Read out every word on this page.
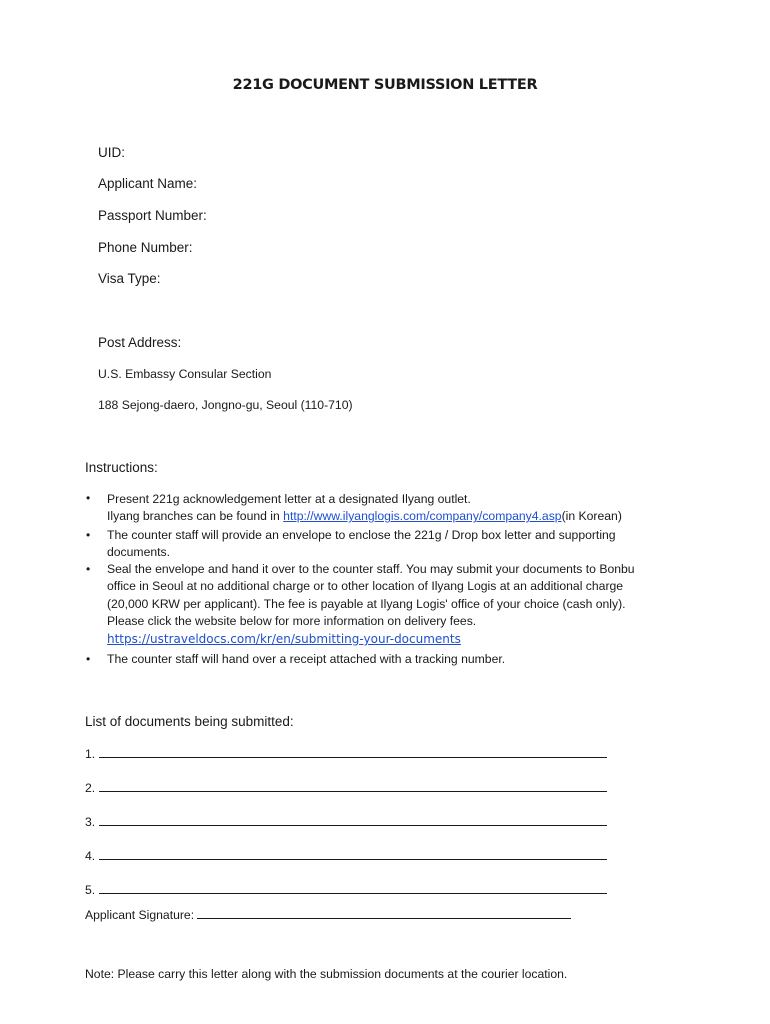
221G DOCUMENT SUBMISSION LETTER
UID:
Applicant Name:
Passport Number:
Phone Number:
Visa Type:
Post Address:
U.S. Embassy Consular Section
188 Sejong-daero, Jongno-gu, Seoul (110-710)
Instructions:
• Present 221g acknowledgement letter at a designated Ilyang outlet.
Ilyang branches can be found in http://www.ilyanglogis.com/company/company4.asp(in Korean)
• The counter staff will provide an envelope to enclose the 221g / Drop box letter and supporting
documents.
• Seal the envelope and hand it over to the counter staff. You may submit your documents to Bonbu
office in Seoul at no additional charge or to other location of Ilyang Logis at an additional charge
(20,000 KRW per applicant). The fee is payable at Ilyang Logis' office of your choice (cash only).
Please click the website below for more information on delivery fees.
https://ustraveldocs.com/kr/en/submitting-your-documents
• The counter staff will hand over a receipt attached with a tracking number.
List of documents being submitted:
1.
2.
3.
4.
5.
Applicant Signature:
Note: Please carry this letter along with the submission documents at the courier location.
